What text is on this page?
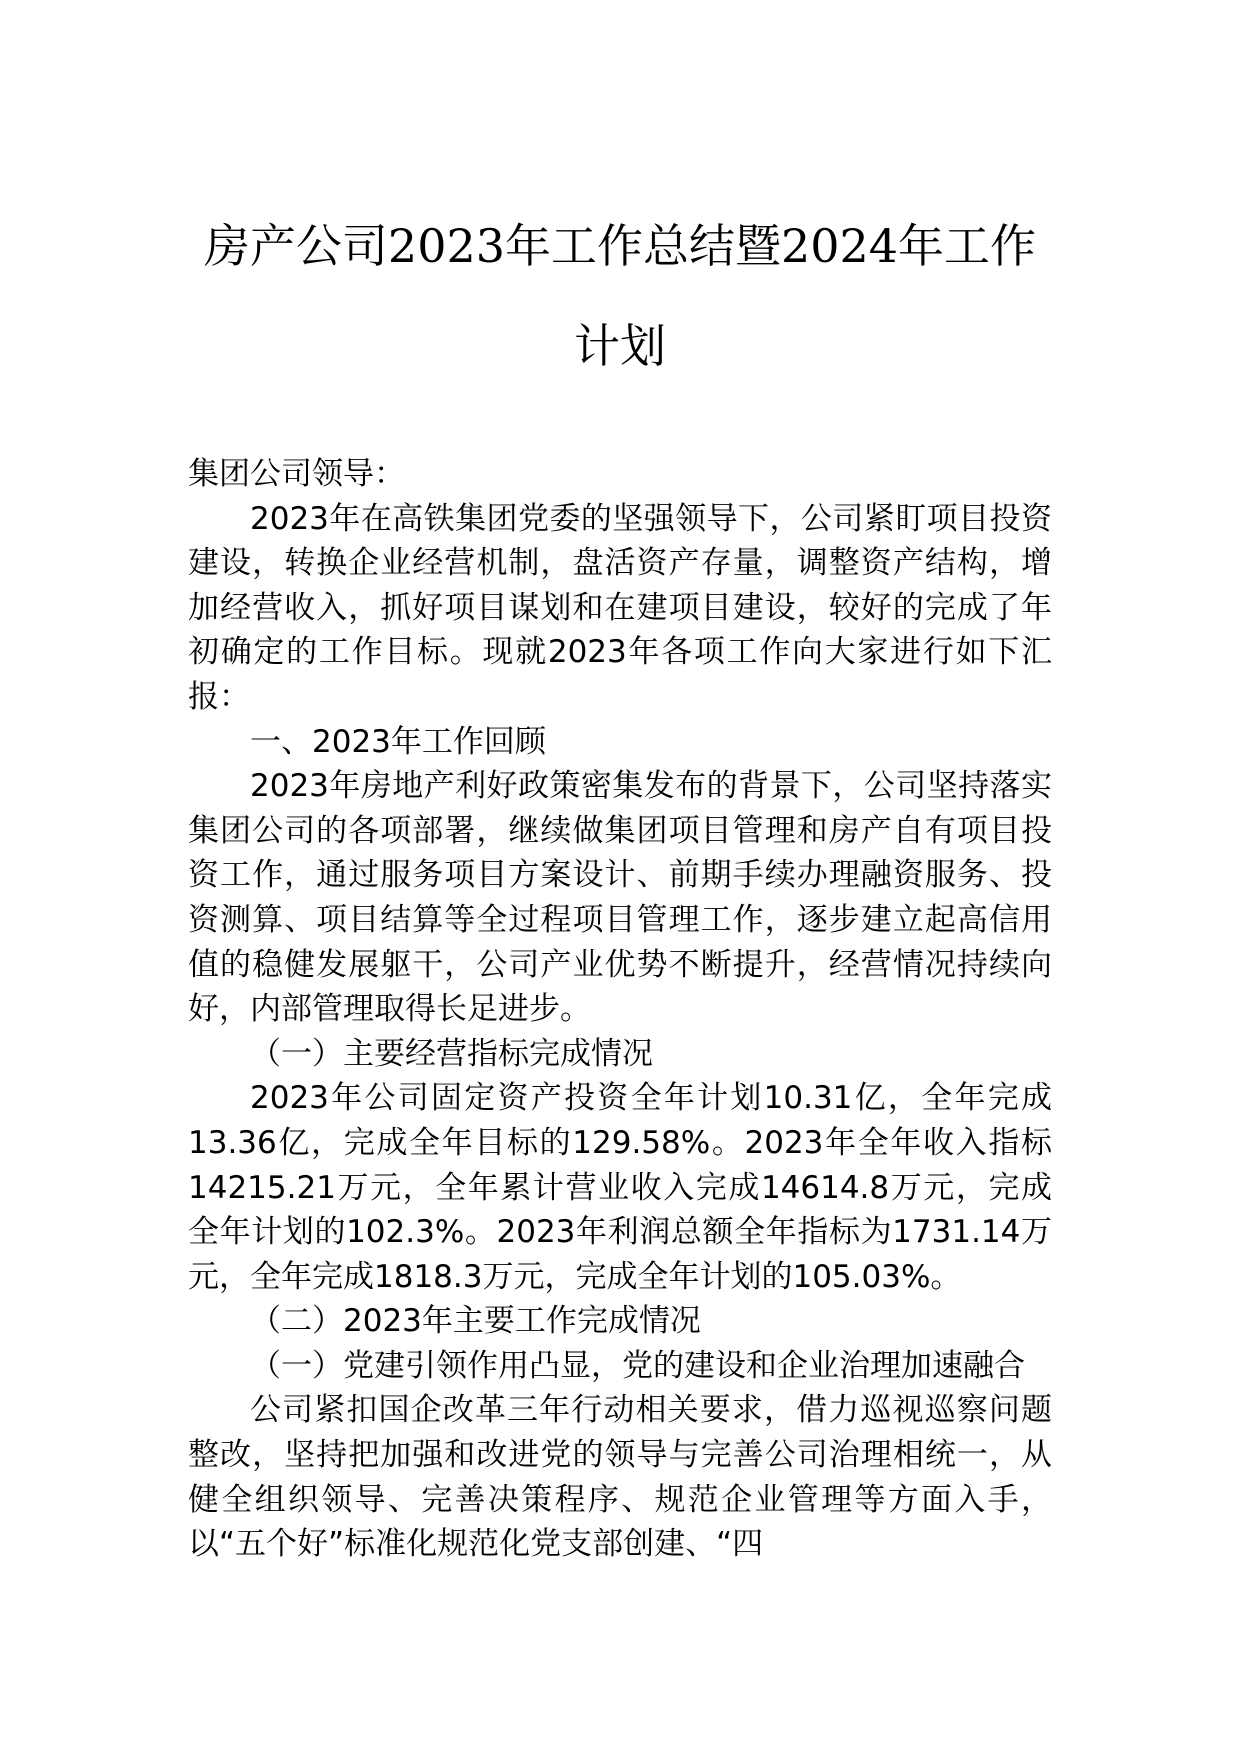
房产公司2023年工作总结暨2024年工作计划

集团公司领导：

2023年在高铁集团党委的坚强领导下，公司紧盯项目投资建设，转换企业经营机制，盘活资产存量，调整资产结构，增加经营收入，抓好项目谋划和在建项目建设，较好的完成了年初确定的工作目标。现就2023年各项工作向大家进行如下汇报：

一、2023年工作回顾

2023年房地产利好政策密集发布的背景下，公司坚持落实集团公司的各项部署，继续做集团项目管理和房产自有项目投资工作，通过服务项目方案设计、前期手续办理融资服务、投资测算、项目结算等全过程项目管理工作，逐步建立起高信用值的稳健发展躯干，公司产业优势不断提升，经营情况持续向好，内部管理取得长足进步。

（一）主要经营指标完成情况

2023年公司固定资产投资全年计划10.31亿，全年完成13.36亿，完成全年目标的129.58%。2023年全年收入指标14215.21万元，全年累计营业收入完成14614.8万元，完成全年计划的102.3%。2023年利润总额全年指标为1731.14万元，全年完成1818.3万元，完成全年计划的105.03%。

（二）2023年主要工作完成情况

（一）党建引领作用凸显，党的建设和企业治理加速融合

公司紧扣国企改革三年行动相关要求，借力巡视巡察问题整改，坚持把加强和改进党的领导与完善公司治理相统一，从健全组织领导、完善决策程序、规范企业管理等方面入手，以“五个好”标准化规范化党支部创建、“四
